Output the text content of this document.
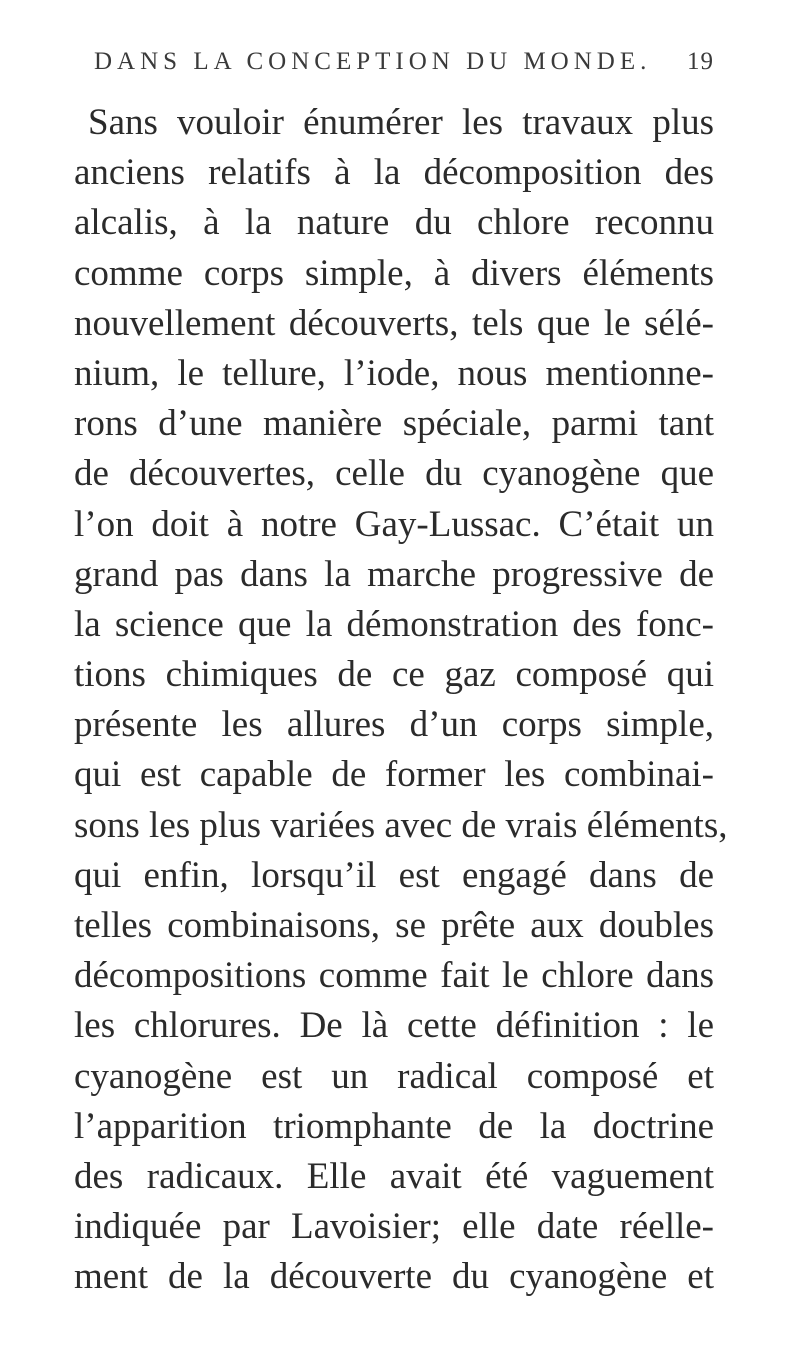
DANS LA CONCEPTION DU MONDE. 19
Sans vouloir énumérer les travaux plus
anciens relatifs à la décomposition des
alcalis, à la nature du chlore reconnu
comme corps simple, à divers éléments
nouvellement découverts, tels que le sélé-
nium, le tellure, l’iode, nous mentionne-
rons d’une manière spéciale, parmi tant
de découvertes, celle du cyanogène que
l’on doit à notre Gay-Lussac. C’était un
grand pas dans la marche progressive de
la science que la démonstration des fonc-
tions chimiques de ce gaz composé qui
présente les allures d’un corps simple,
qui est capable de former les combinai-
sons les plus variées avec de vrais éléments,
qui enfin, lorsqu’il est engagé dans de
telles combinaisons, se prête aux doubles
décompositions comme fait le chlore dans
les chlorures. De là cette définition : le
cyanogène est un radical composé et
l’apparition triomphante de la doctrine
des radicaux. Elle avait été vaguement
indiquée par Lavoisier; elle date réelle-
ment de la découverte du cyanogène et
